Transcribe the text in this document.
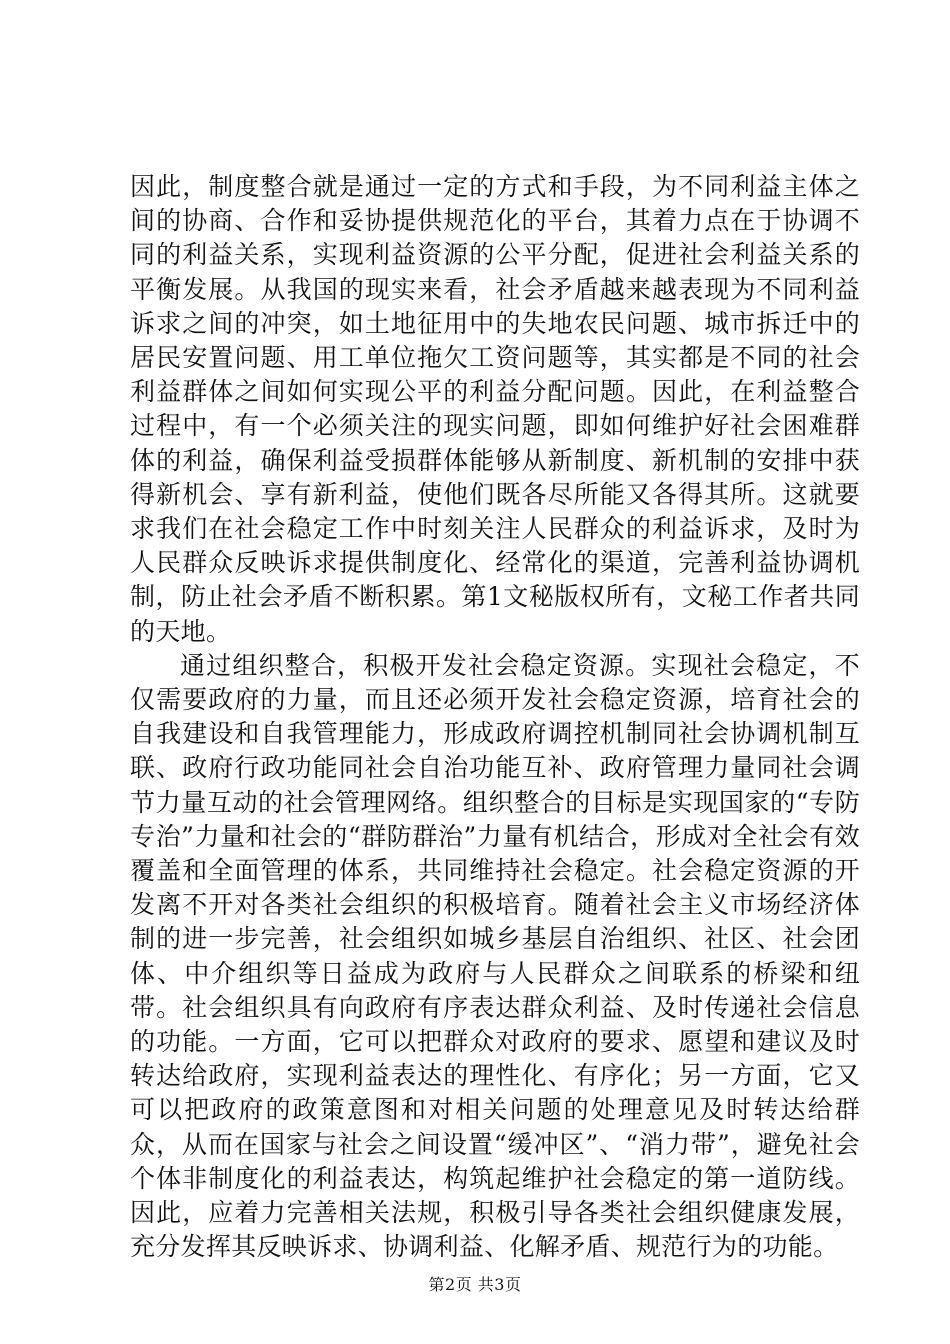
因此，制度整合就是通过一定的方式和手段，为不同利益主体之间的协商、合作和妥协提供规范化的平台，其着力点在于协调不同的利益关系，实现利益资源的公平分配，促进社会利益关系的平衡发展。从我国的现实来看，社会矛盾越来越表现为不同利益诉求之间的冲突，如土地征用中的失地农民问题、城市拆迁中的居民安置问题、用工单位拖欠工资问题等，其实都是不同的社会利益群体之间如何实现公平的利益分配问题。因此，在利益整合过程中，有一个必须关注的现实问题，即如何维护好社会困难群体的利益，确保利益受损群体能够从新制度、新机制的安排中获得新机会、享有新利益，使他们既各尽所能又各得其所。这就要求我们在社会稳定工作中时刻关注人民群众的利益诉求，及时为人民群众反映诉求提供制度化、经常化的渠道，完善利益协调机制，防止社会矛盾不断积累。第1文秘版权所有，文秘工作者共同的天地。

通过组织整合，积极开发社会稳定资源。实现社会稳定，不仅需要政府的力量，而且还必须开发社会稳定资源，培育社会的自我建设和自我管理能力，形成政府调控机制同社会协调机制互联、政府行政功能同社会自治功能互补、政府管理力量同社会调节力量互动的社会管理网络。组织整合的目标是实现国家的“专防专治”力量和社会的“群防群治”力量有机结合，形成对全社会有效覆盖和全面管理的体系，共同维持社会稳定。社会稳定资源的开发离不开对各类社会组织的积极培育。随着社会主义市场经济体制的进一步完善，社会组织如城乡基层自治组织、社区、社会团体、中介组织等日益成为政府与人民群众之间联系的桥梁和纽带。社会组织具有向政府有序表达群众利益、及时传递社会信息的功能。一方面，它可以把群众对政府的要求、愿望和建议及时转达给政府，实现利益表达的理性化、有序化；另一方面，它又可以把政府的政策意图和对相关问题的处理意见及时转达给群众，从而在国家与社会之间设置“缓冲区”、“消力带”，避免社会个体非制度化的利益表达，构筑起维护社会稳定的第一道防线。因此，应着力完善相关法规，积极引导各类社会组织健康发展，充分发挥其反映诉求、协调利益、化解矛盾、规范行为的功能。

第2页 共3页
